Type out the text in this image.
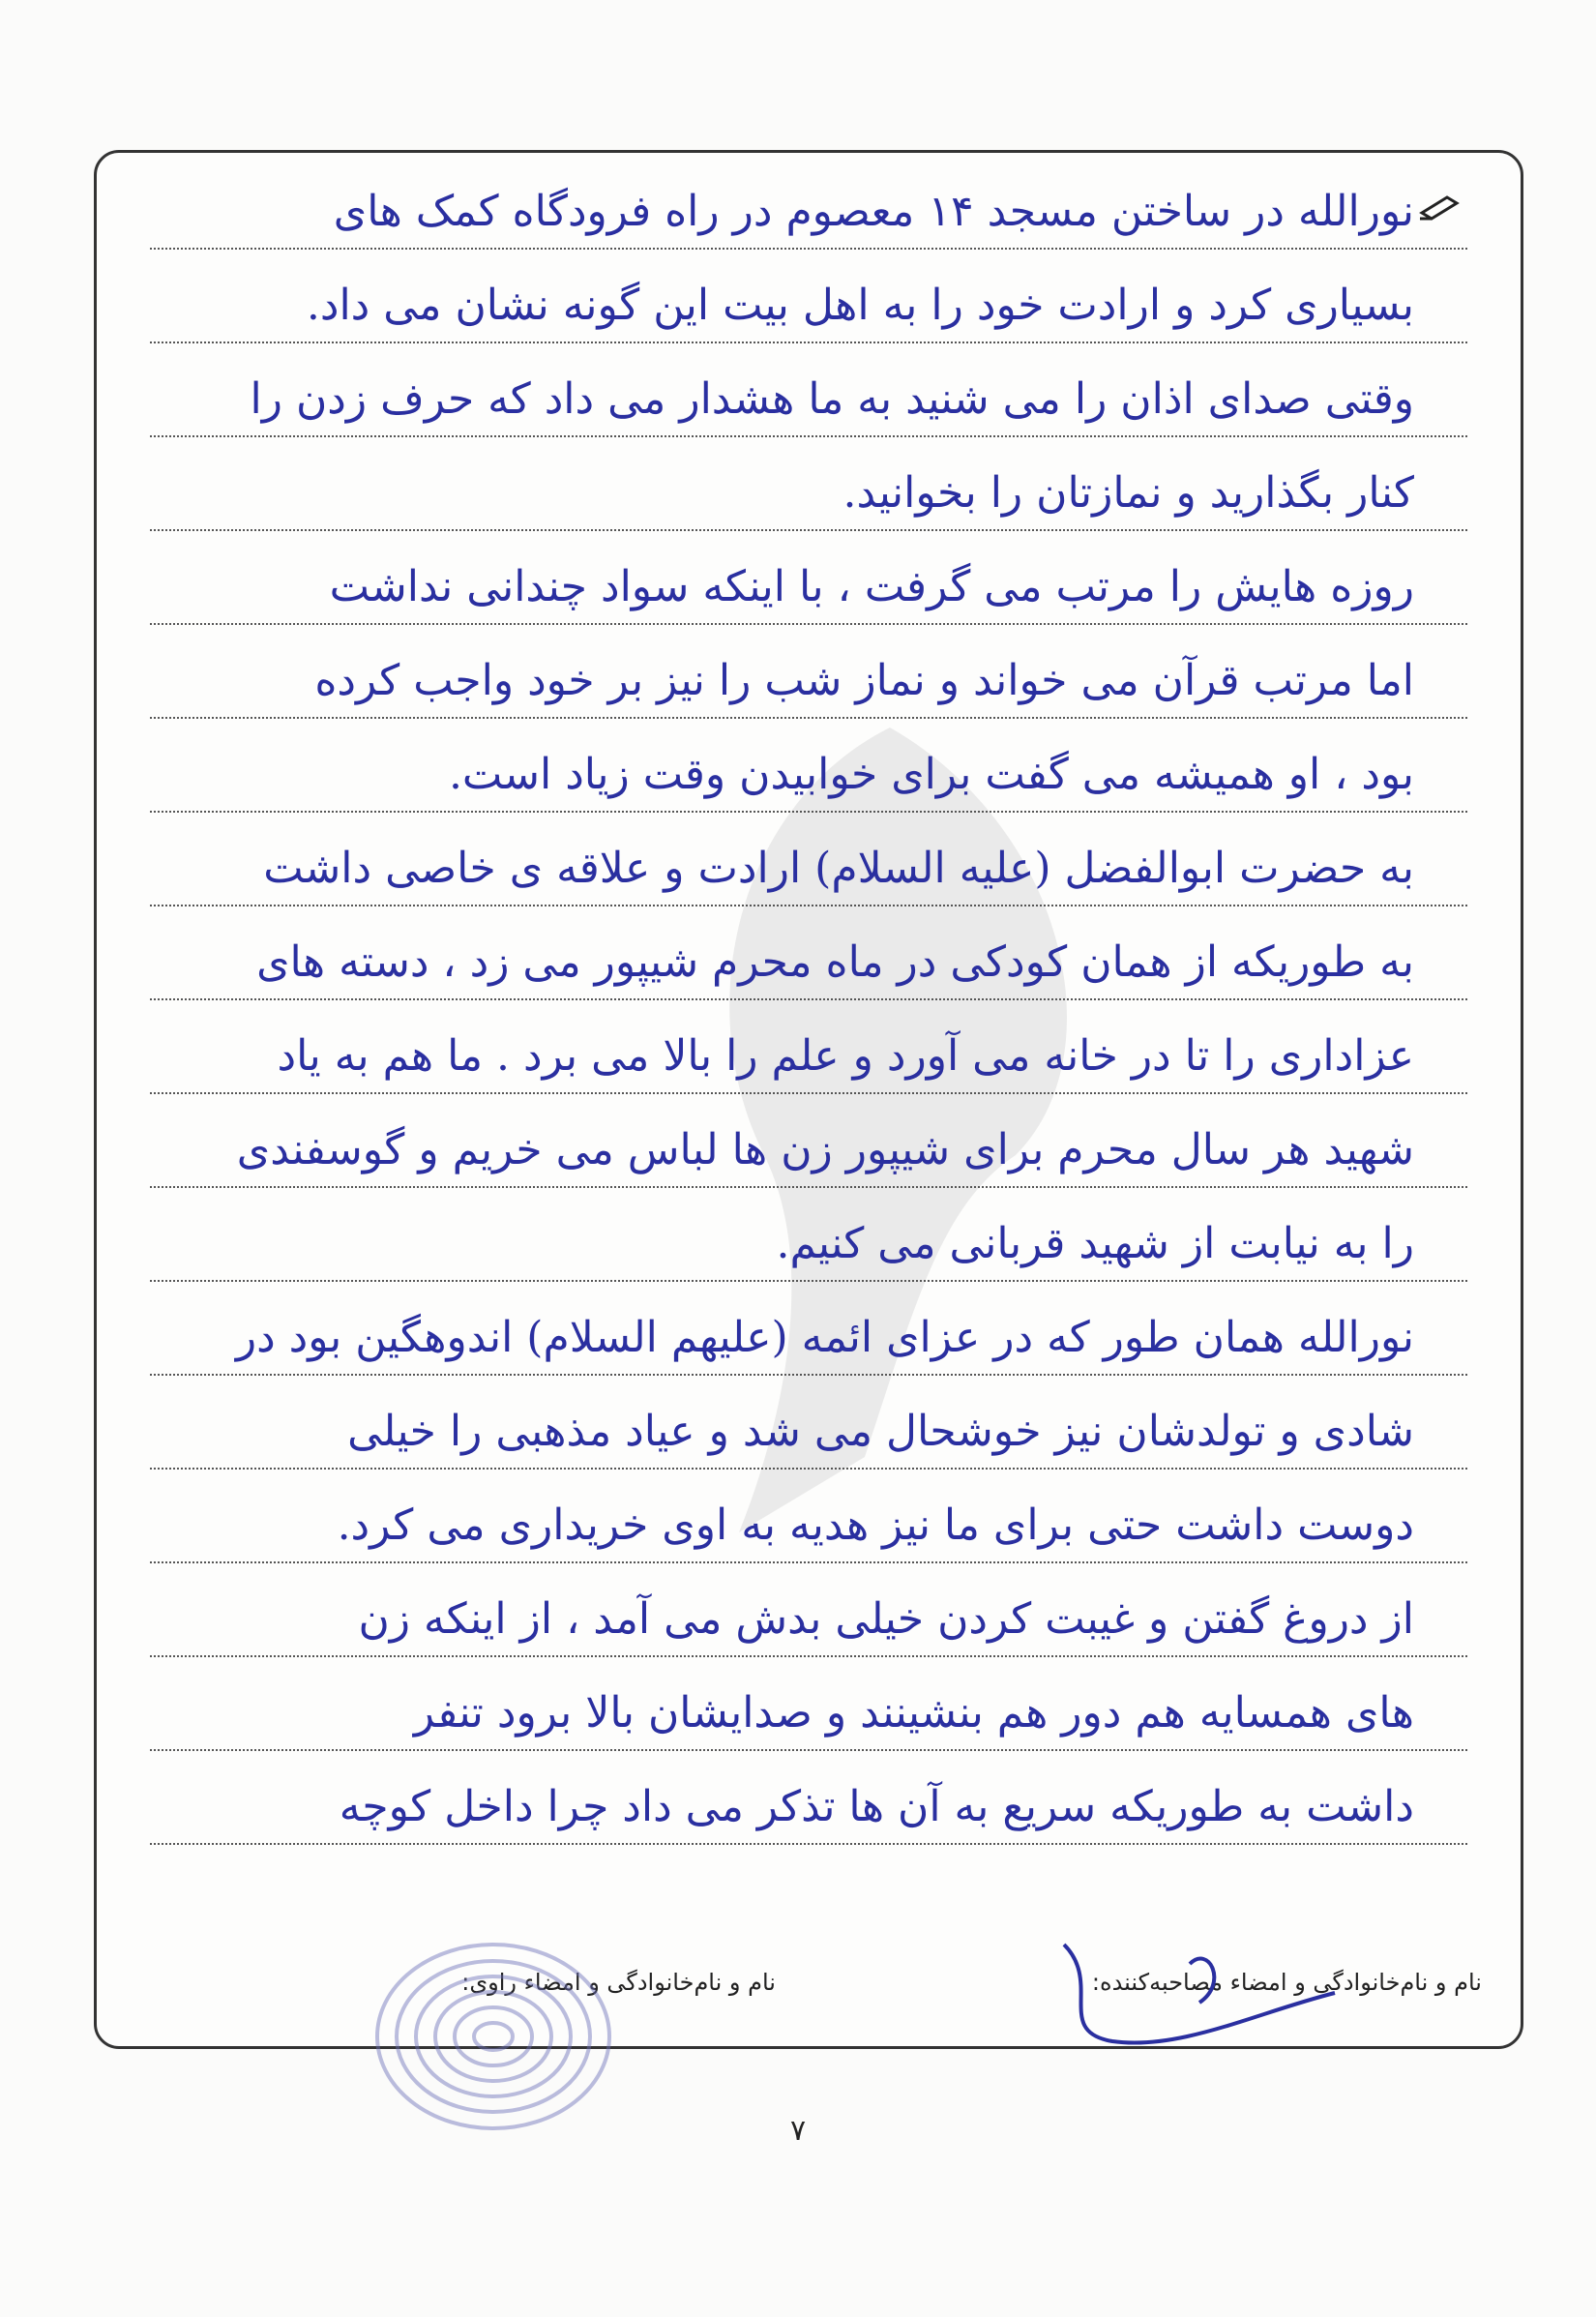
نورالله در ساختن مسجد ۱۴ معصوم در راه فرودگاه کمک های
بسیاری کرد و ارادت خود را به اهل بیت این گونه نشان می داد.
وقتی صدای اذان را می شنید به ما هشدار می داد که حرف زدن را
کنار بگذارید و نمازتان را بخوانید.
روزه هایش را مرتب می گرفت ، با اینکه سواد چندانی نداشت
اما مرتب قرآن می خواند و نماز شب را نیز بر خود واجب کرده
بود ، او همیشه می گفت برای خوابیدن وقت زیاد است.
به حضرت ابوالفضل (علیه السلام) ارادت و علاقه ی خاصی داشت
به طوریکه از همان کودکی در ماه محرم شیپور می زد ، دسته های
عزاداری را تا در خانه می آورد و علم را بالا می برد . ما هم به یاد
شهید هر سال محرم برای شیپور زن ها لباس می خریم و گوسفندی
را به نیابت از شهید قربانی می کنیم.
نورالله همان طور که در عزای ائمه (علیهم السلام) اندوهگین بود در
شادی و تولدشان نیز خوشحال می شد و عیاد مذهبی را خیلی
دوست داشت حتی برای ما نیز هدیه به اوی خریداری می کرد.
از دروغ گفتن و غیبت کردن خیلی بدش می آمد ، از اینکه زن
های همسایه هم دور هم بنشینند و صدایشان بالا برود تنفر
داشت به طوریکه سریع به آن ها تذکر می داد چرا داخل کوچه
نام و نام‌خانوادگی و امضاء مصاحبه‌کننده:
نام و نام‌خانوادگی و امضاء راوی:
۷
